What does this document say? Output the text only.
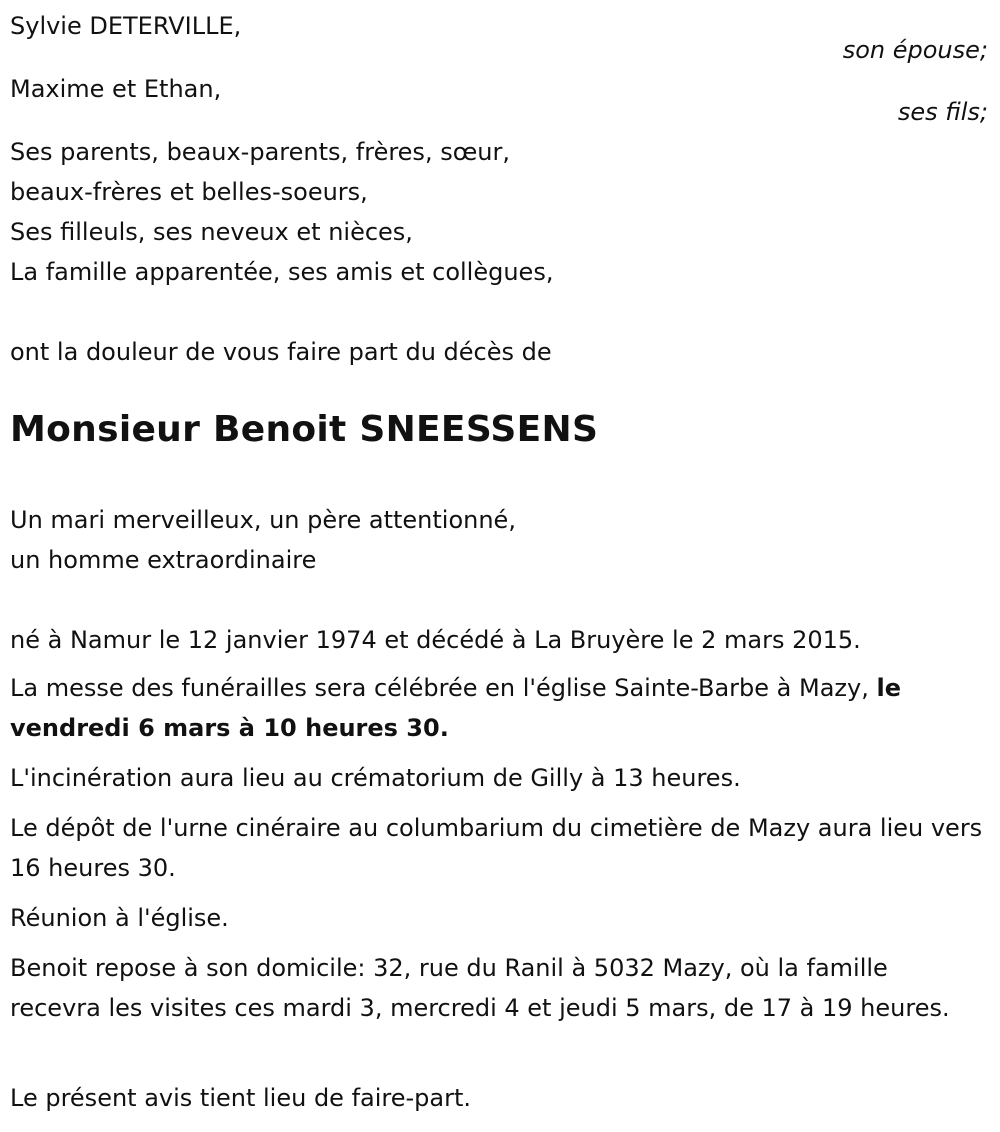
Sylvie DETERVILLE,
son épouse;
Maxime et Ethan,
ses fils;
Ses parents, beaux-parents, frères, sœur,
beaux-frères et belles-soeurs,
Ses filleuls, ses neveux et nièces,
La famille apparentée, ses amis et collègues,
ont la douleur de vous faire part du décès de
Monsieur Benoit SNEESSENS
Un mari merveilleux, un père attentionné,
un homme extraordinaire
né à Namur le 12 janvier 1974 et décédé à La Bruyère le 2 mars 2015.
La messe des funérailles sera célébrée en l'église Sainte-Barbe à Mazy, le vendredi 6 mars à 10 heures 30.
L'incinération aura lieu au crématorium de Gilly à 13 heures.
Le dépôt de l'urne cinéraire au columbarium du cimetière de Mazy aura lieu vers 16 heures 30.
Réunion à l'église.
Benoit repose à son domicile: 32, rue du Ranil à 5032 Mazy, où la famille recevra les visites ces mardi 3, mercredi 4 et jeudi 5 mars, de 17 à 19 heures.
Le présent avis tient lieu de faire-part.
